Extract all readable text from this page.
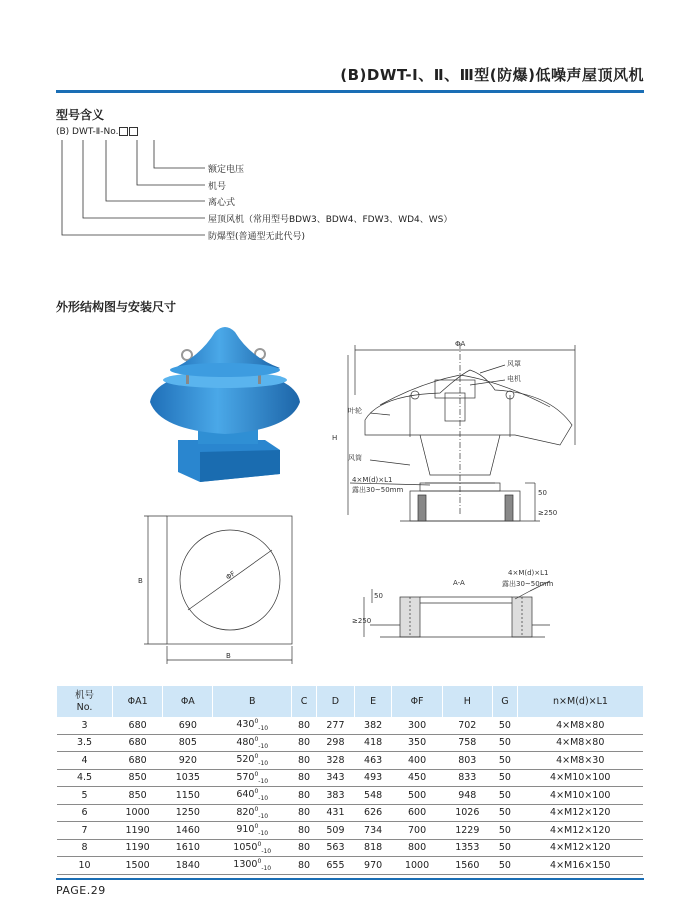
(B)DWT-Ⅰ、Ⅱ、Ⅲ型(防爆)低噪声屋顶风机
型号含义
(B) DWT-Ⅱ-No.
额定电压
机号
离心式
屋顶风机（常用型号BDW3、BDW4、FDW3、WD4、WS）
防爆型(普通型无此代号)
外形结构图与安装尺寸
ΦA
H
风罩
电机
叶轮
风筒
4×M(d)×L1
露出30~50mm	50
≥250
ΦF
B
B
A-A
4×M(d)×L1
露出30~50mm
50
≥250
机号
No.	ΦA1	ΦA	B	C	D	E	ΦF	H	G	n×M(d)×L1
3	680	690	$430^0_{-10}$	80	277	382	300	702	50	4×M8×80
3.5	680	805	$480^0_{-10}$	80	298	418	350	758	50	4×M8×80
4	680	920	$520^0_{-10}$	80	328	463	400	803	50	4×M8×30
4.5	850	1035	$570^0_{-10}$	80	343	493	450	833	50	4×M10×100
5	850	1150	$640^0_{-10}$	80	383	548	500	948	50	4×M10×100
6	1000	1250	$820^0_{-10}$	80	431	626	600	1026	50	4×M12×120
7	1190	1460	$910^0_{-10}$	80	509	734	700	1229	50	4×M12×120
8	1190	1610	$1050^0_{-10}$	80	563	818	800	1353	50	4×M12×120
10	1500	1840	$1300^0_{-10}$	80	655	970	1000	1560	50	4×M16×150
PAGE.29
